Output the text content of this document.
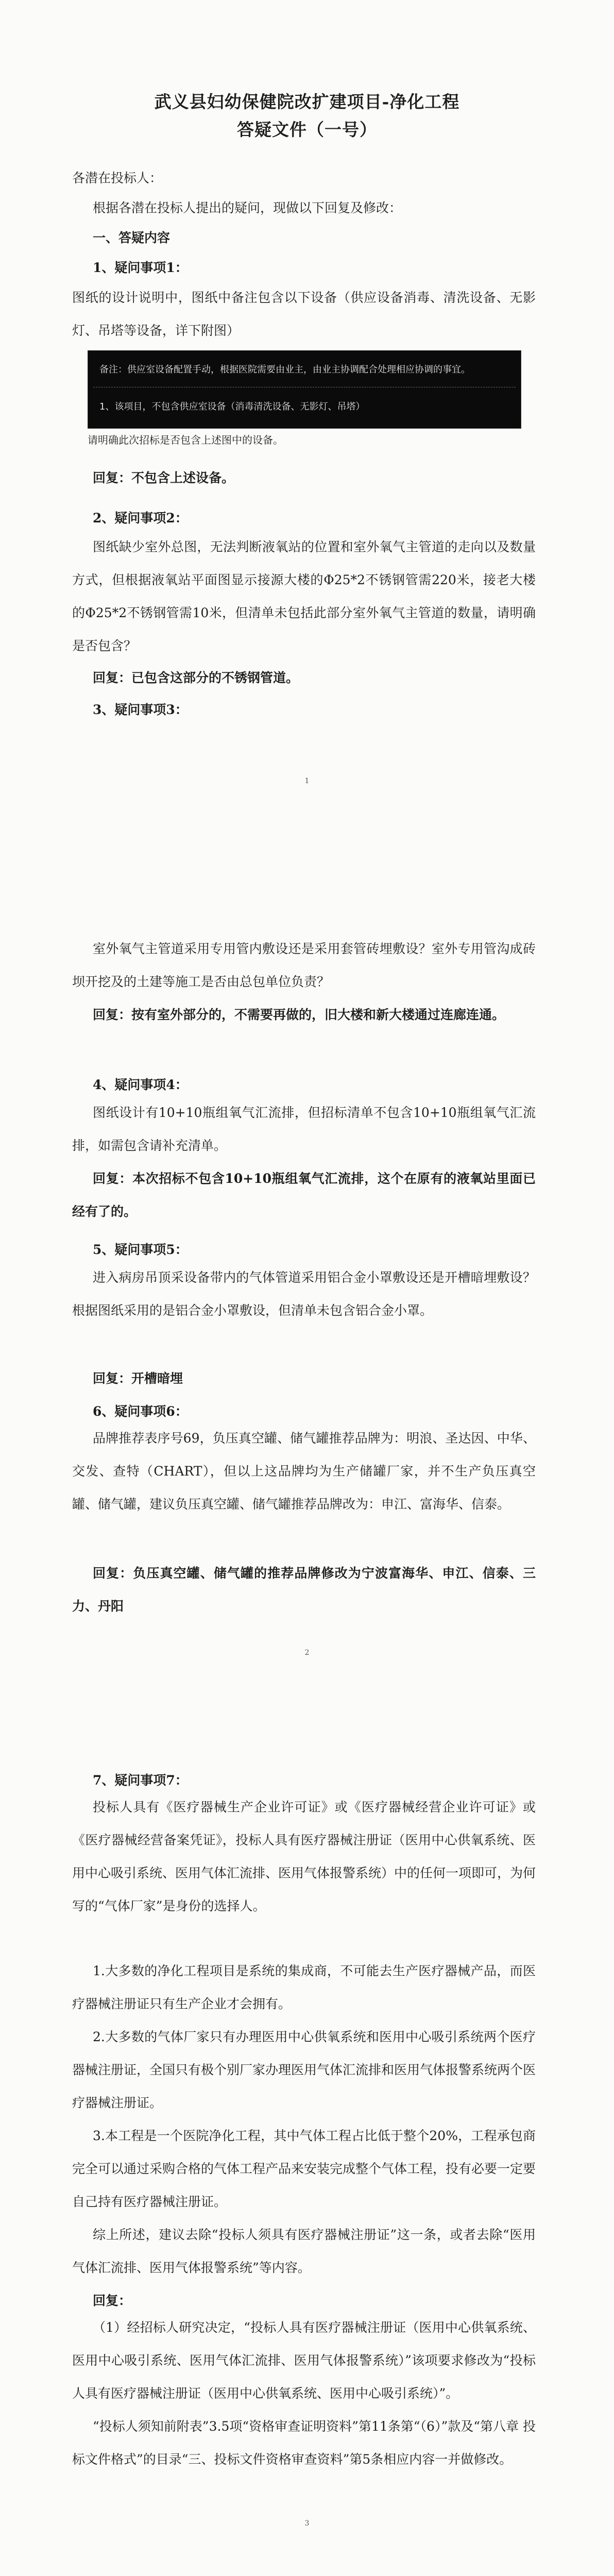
武义县妇幼保健院改扩建项目-净化工程
答疑文件（一号）
各潜在投标人：
根据各潜在投标人提出的疑问，现做以下回复及修改：
一、答疑内容
1、疑问事项1：
图纸的设计说明中，图纸中备注包含以下设备（供应设备消毒、清洗设备、无影灯、吊塔等设备，详下附图）
备注：供应室设备配置手动，根据医院需要由业主，由业主协调配合处理相应协调的事宜。
1、该项目，不包含供应室设备（消毒清洗设备、无影灯、吊塔）
请明确此次招标是否包含上述图中的设备。
回复：不包含上述设备。
2、疑问事项2：
图纸缺少室外总图，无法判断液氧站的位置和室外氧气主管道的走向以及数量方式，但根据液氧站平面图显示接源大楼的Φ25*2不锈钢管需220米，接老大楼的Φ25*2不锈钢管需10米，但清单未包括此部分室外氧气主管道的数量，请明确是否包含？
回复：已包含这部分的不锈钢管道。
3、疑问事项3：
1
室外氧气主管道采用专用管内敷设还是采用套管砖埋敷设？室外专用管沟成砖坝开挖及的土建等施工是否由总包单位负责？
回复：按有室外部分的，不需要再做的，旧大楼和新大楼通过连廊连通。
4、疑问事项4：
图纸设计有10+10瓶组氧气汇流排，但招标清单不包含10+10瓶组氧气汇流排，如需包含请补充清单。
回复：本次招标不包含10+10瓶组氧气汇流排，这个在原有的液氧站里面已经有了的。
5、疑问事项5：
进入病房吊顶采设备带内的气体管道采用铝合金小罩敷设还是开槽暗埋敷设？根据图纸采用的是铝合金小罩敷设，但清单未包含铝合金小罩。
回复：开槽暗埋
6、疑问事项6：
品牌推荐表序号69，负压真空罐、储气罐推荐品牌为：明浪、圣达因、中华、交发、查特（CHART），但以上这品牌均为生产储罐厂家，并不生产负压真空罐、储气罐，建议负压真空罐、储气罐推荐品牌改为：申江、富海华、信泰。
回复：负压真空罐、储气罐的推荐品牌修改为宁波富海华、申江、信泰、三力、丹阳
2
7、疑问事项7：
投标人具有《医疗器械生产企业许可证》或《医疗器械经营企业许可证》或《医疗器械经营备案凭证》，投标人具有医疗器械注册证（医用中心供氧系统、医用中心吸引系统、医用气体汇流排、医用气体报警系统）中的任何一项即可，为何写的“气体厂家”是身份的选择人。
1.大多数的净化工程项目是系统的集成商，不可能去生产医疗器械产品，而医疗器械注册证只有生产企业才会拥有。
2.大多数的气体厂家只有办理医用中心供氧系统和医用中心吸引系统两个医疗器械注册证，全国只有极个别厂家办理医用气体汇流排和医用气体报警系统两个医疗器械注册证。
3.本工程是一个医院净化工程，其中气体工程占比低于整个20%，工程承包商完全可以通过采购合格的气体工程产品来安装完成整个气体工程，投有必要一定要自己持有医疗器械注册证。
综上所述，建议去除“投标人须具有医疗器械注册证”这一条，或者去除“医用气体汇流排、医用气体报警系统”等内容。
回复：
（1）经招标人研究决定，“投标人具有医疗器械注册证（医用中心供氧系统、医用中心吸引系统、医用气体汇流排、医用气体报警系统）”该项要求修改为“投标人具有医疗器械注册证（医用中心供氧系统、医用中心吸引系统）”。
“投标人须知前附表”3.5项“资格审查证明资料”第11条第“（6）”款及“第八章 投标文件格式”的目录“三、投标文件资格审查资料”第5条相应内容一并做修改。
3
